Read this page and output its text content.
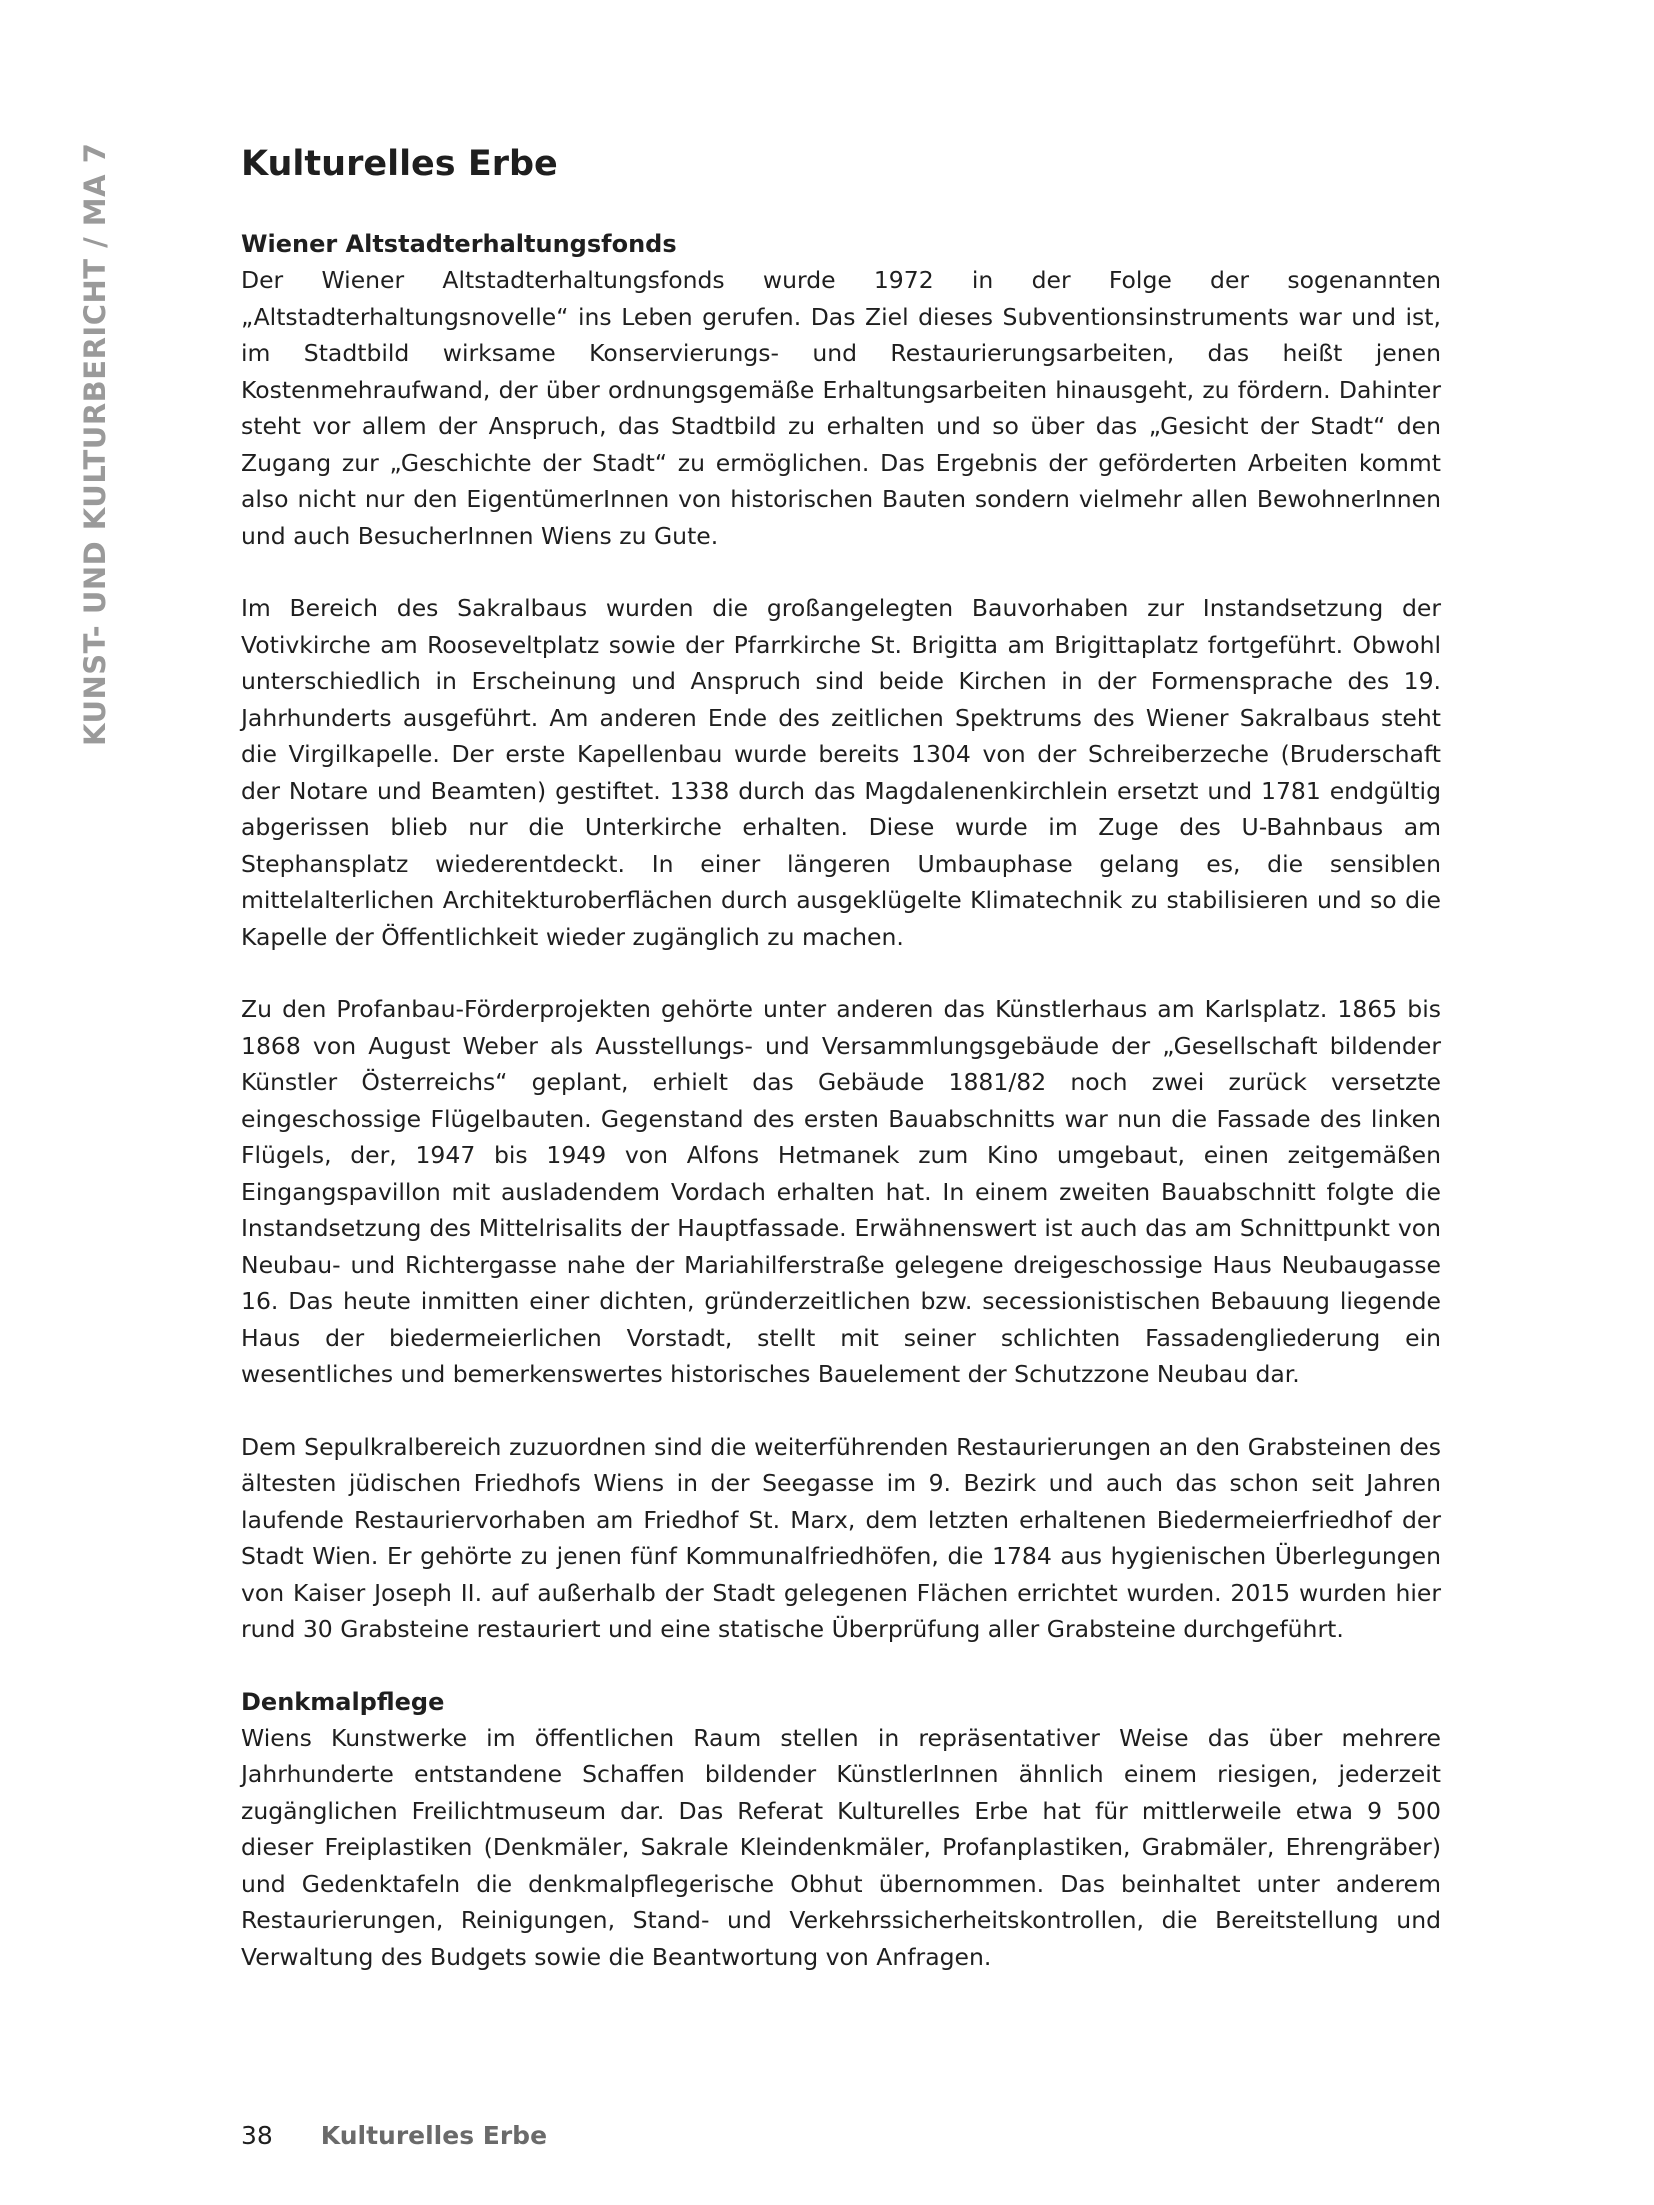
KUNST- UND KULTURBERICHT / MA 7	Kulturelles Erbe
Wiener Altstadterhaltungsfonds

Der Wiener Altstadterhaltungsfonds wurde 1972 in der Folge der sogenannten „Altstadterhaltungsnovelle“ ins Leben gerufen. Das Ziel dieses Subventionsinstruments war und ist, im Stadtbild wirksame Konservierungs- und Restaurierungsarbeiten, das heißt jenen Kostenmehraufwand, der über ordnungsgemäße Erhaltungsarbeiten hinausgeht, zu fördern. Dahinter steht vor allem der Anspruch, das Stadtbild zu erhalten und so über das „Gesicht der Stadt“ den Zugang zur „Geschichte der Stadt“ zu ermöglichen. Das Ergebnis der geförderten Arbeiten kommt also nicht nur den EigentümerInnen von historischen Bauten sondern vielmehr allen BewohnerInnen und auch BesucherInnen Wiens zu Gute.

Im Bereich des Sakralbaus wurden die großangelegten Bauvorhaben zur Instandsetzung der Votivkirche am Rooseveltplatz sowie der Pfarrkirche St. Brigitta am Brigittaplatz fortgeführt. Obwohl unterschiedlich in Erscheinung und Anspruch sind beide Kirchen in der Formensprache des 19. Jahrhunderts ausgeführt. Am anderen Ende des zeitlichen Spektrums des Wiener Sakralbaus steht die Virgilkapelle. Der erste Kapellenbau wurde bereits 1304 von der Schreiberzeche (Bruderschaft der Notare und Beamten) gestiftet. 1338 durch das Magdalenenkirchlein ersetzt und 1781 endgültig abgerissen blieb nur die Unterkirche erhalten. Diese wurde im Zuge des U-Bahnbaus am Stephansplatz wiederentdeckt. In einer längeren Umbauphase gelang es, die sensiblen mittelalterlichen Architekturoberflächen durch ausgeklügelte Klimatechnik zu stabilisieren und so die Kapelle der Öffentlichkeit wieder zugänglich zu machen.

Zu den Profanbau-Förderprojekten gehörte unter anderen das Künstlerhaus am Karlsplatz. 1865 bis 1868 von August Weber als Ausstellungs- und Versammlungsgebäude der „Gesellschaft bildender Künstler Österreichs“ geplant, erhielt das Gebäude 1881/82 noch zwei zurück versetzte eingeschossige Flügelbauten. Gegenstand des ersten Bauabschnitts war nun die Fassade des linken Flügels, der, 1947 bis 1949 von Alfons Hetmanek zum Kino umgebaut, einen zeitgemäßen Eingangspavillon mit ausladendem Vordach erhalten hat. In einem zweiten Bauabschnitt folgte die Instandsetzung des Mittelrisalits der Hauptfassade. Erwähnenswert ist auch das am Schnittpunkt von Neubau- und Richtergasse nahe der Mariahilferstraße gelegene dreigeschossige Haus Neubaugasse 16. Das heute inmitten einer dichten, gründerzeitlichen bzw. secessionistischen Bebauung liegende Haus der biedermeierlichen Vorstadt, stellt mit seiner schlichten Fassadengliederung ein wesentliches und bemerkenswertes historisches Bauelement der Schutzzone Neubau dar.

Dem Sepulkralbereich zuzuordnen sind die weiterführenden Restaurierungen an den Grabsteinen des ältesten jüdischen Friedhofs Wiens in der Seegasse im 9. Bezirk und auch das schon seit Jahren laufende Restauriervorhaben am Friedhof St. Marx, dem letzten erhaltenen Biedermeierfriedhof der Stadt Wien. Er gehörte zu jenen fünf Kommunalfriedhöfen, die 1784 aus hygienischen Überlegungen von Kaiser Joseph II. auf außerhalb der Stadt gelegenen Flächen errichtet wurden. 2015 wurden hier rund 30 Grabsteine restauriert und eine statische Überprüfung aller Grabsteine durchgeführt.

Denkmalpflege

Wiens Kunstwerke im öffentlichen Raum stellen in repräsentativer Weise das über mehrere Jahrhunderte entstandene Schaffen bildender KünstlerInnen ähnlich einem riesigen, jederzeit zugänglichen Freilichtmuseum dar. Das Referat Kulturelles Erbe hat für mittlerweile etwa 9 500 dieser Freiplastiken (Denkmäler, Sakrale Kleindenkmäler, Profanplastiken, Grabmäler, Ehrengräber) und Gedenktafeln die denkmalpflegerische Obhut übernommen. Das beinhaltet unter anderem Restaurierungen, Reinigungen, Stand- und Verkehrssicherheitskontrollen, die Bereitstellung und Verwaltung des Budgets sowie die Beantwortung von Anfragen.

38 Kulturelles Erbe
